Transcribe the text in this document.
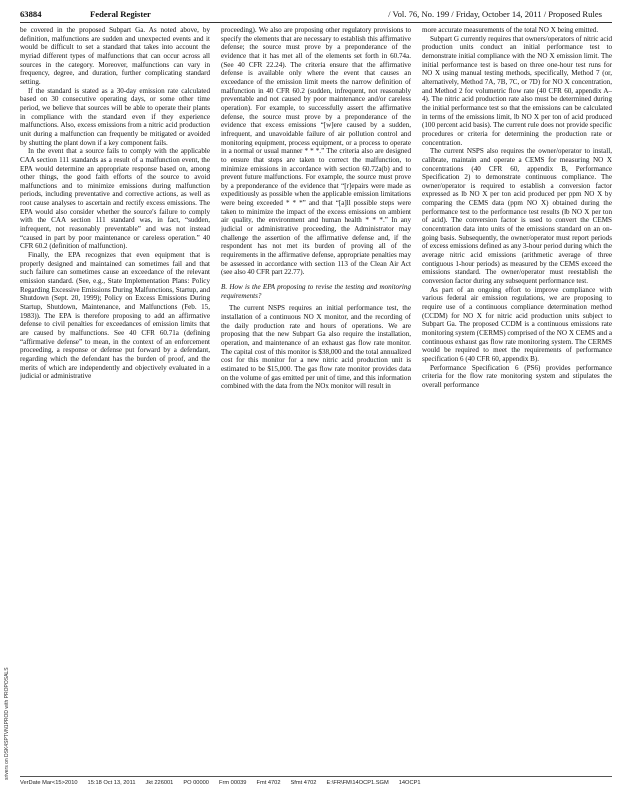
63884	Federal Register	/ Vol. 76, No. 199 / Friday, October 14, 2011 / Proposed Rules

be covered in the proposed Subpart Ga. As noted above, by definition, malfunctions are sudden and unexpected events and it would be difficult to set a standard that takes into account the myriad different types of malfunctions that can occur across all sources in the category. Moreover, malfunctions can vary in frequency, degree, and duration, further complicating standard setting.

If the standard is stated as a 30-day emission rate calculated based on 30 consecutive operating days, or some other time period, we believe that sources will be able to operate their plants in compliance with the standard even if they experience malfunctions. Also, excess emissions from a nitric acid production unit during a malfunction can frequently be mitigated or avoided by shutting the plant down if a key component fails.

In the event that a source fails to comply with the applicable CAA section 111 standards as a result of a malfunction event, the EPA would determine an appropriate response based on, among other things, the good faith efforts of the source to avoid malfunctions and to minimize emissions during malfunction periods, including preventative and corrective actions, as well as root cause analyses to ascertain and rectify excess emissions. The EPA would also consider whether the source's failure to comply with the CAA section 111 standard was, in fact, “sudden, infrequent, not reasonably preventable” and was not instead “caused in part by poor maintenance or careless operation.” 40 CFR 60.2 (definition of malfunction).

Finally, the EPA recognizes that even equipment that is properly designed and maintained can sometimes fail and that such failure can sometimes cause an exceedance of the relevant emission standard. (See, e.g., State Implementation Plans: Policy Regarding Excessive Emissions During Malfunctions, Startup, and Shutdown (Sept. 20, 1999); Policy on Excess Emissions During Startup, Shutdown, Maintenance, and Malfunctions (Feb. 15, 1983)). The EPA is therefore proposing to add an affirmative defense to civil penalties for exceedances of emission limits that are caused by malfunctions. See 40 CFR 60.71a (defining “affirmative defense” to mean, in the context of an enforcement proceeding, a response or defense put forward by a defendant, regarding which the defendant has the burden of proof, and the merits of which are independently and objectively evaluated in a judicial or administrative

proceeding). We also are proposing other regulatory provisions to specify the elements that are necessary to establish this affirmative defense; the source must prove by a preponderance of the evidence that it has met all of the elements set forth in 60.74a. (See 40 CFR 22.24). The criteria ensure that the affirmative defense is available only where the event that causes an exceedance of the emission limit meets the narrow definition of malfunction in 40 CFR 60.2 (sudden, infrequent, not reasonably preventable and not caused by poor maintenance and/or careless operation). For example, to successfully assert the affirmative defense, the source must prove by a preponderance of the evidence that excess emissions “[w]ere caused by a sudden, infrequent, and unavoidable failure of air pollution control and monitoring equipment, process equipment, or a process to operate in a normal or usual manner * * *.” The criteria also are designed to ensure that steps are taken to correct the malfunction, to minimize emissions in accordance with section 60.72a(b) and to prevent future malfunctions. For example, the source must prove by a preponderance of the evidence that “[r]epairs were made as expeditiously as possible when the applicable emission limitations were being exceeded * * *” and that “[a]ll possible steps were taken to minimize the impact of the excess emissions on ambient air quality, the environment and human health * * *.” In any judicial or administrative proceeding, the Administrator may challenge the assertion of the affirmative defense and, if the respondent has not met its burden of proving all of the requirements in the affirmative defense, appropriate penalties may be assessed in accordance with section 113 of the Clean Air Act (see also 40 CFR part 22.77).

B. How is the EPA proposing to revise the testing and monitoring requirements?

The current NSPS requires an initial performance test, the installation of a continuous NO X monitor, and the recording of the daily production rate and hours of operations. We are proposing that the new Subpart Ga also require the installation, operation, and maintenance of an exhaust gas flow rate monitor. The capital cost of this monitor is $38,000 and the total annualized cost for this monitor for a new nitric acid production unit is estimated to be $15,000. The gas flow rate monitor provides data on the volume of gas emitted per unit of time, and this information combined with the data from the NOx monitor will result in

more accurate measurements of the total NO X being emitted.

Subpart G currently requires that owners/operators of nitric acid production units conduct an initial performance test to demonstrate initial compliance with the NO X emission limit. The initial performance test is based on three one-hour test runs for NO X using manual testing methods, specifically, Method 7 (or, alternatively, Method 7A, 7B, 7C, or 7D) for NO X concentration, and Method 2 for volumetric flow rate (40 CFR 60, appendix A–4). The nitric acid production rate also must be determined during the initial performance test so that the emissions can be calculated in terms of the emissions limit, lb NO X per ton of acid produced (100 percent acid basis). The current rule does not provide specific procedures or criteria for determining the production rate or concentration.

The current NSPS also requires the owner/operator to install, calibrate, maintain and operate a CEMS for measuring NO X concentrations (40 CFR 60, appendix B, Performance Specification 2) to demonstrate continuous compliance. The owner/operator is required to establish a conversion factor expressed as lb NO X per ton acid produced per ppm NO X by comparing the CEMS data (ppm NO X) obtained during the performance test to the performance test results (lb NO X per ton of acid). The conversion factor is used to convert the CEMS concentration data into units of the emissions standard on an on-going basis. Subsequently, the owner/operator must report periods of excess emissions defined as any 3-hour period during which the average nitric acid emissions (arithmetic average of three contiguous 1-hour periods) as measured by the CEMS exceed the emissions standard. The owner/operator must reestablish the conversion factor during any subsequent performance test.

As part of an ongoing effort to improve compliance with various federal air emission regulations, we are proposing to require use of a continuous compliance determination method (CCDM) for NO X for nitric acid production units subject to Subpart Ga. The proposed CCDM is a continuous emissions rate monitoring system (CERMS) comprised of the NO X CEMS and a continuous exhaust gas flow rate monitoring system. The CERMS would be required to meet the requirements of performance specification 6 (40 CFR 60, appendix B).

Performance Specification 6 (PS6) provides performance criteria for the flow rate monitoring system and stipulates the overall performance

srivers on DSK4SPTVN1PROD with PROPOSALS
VerDate Mar<15>2010 15:18 Oct 13, 2011 Jkt 226001 PO 00000 Frm 00039 Fmt 4702 Sfmt 4702 E:\FR\FM\14OCP1.SGM 14OCP1
